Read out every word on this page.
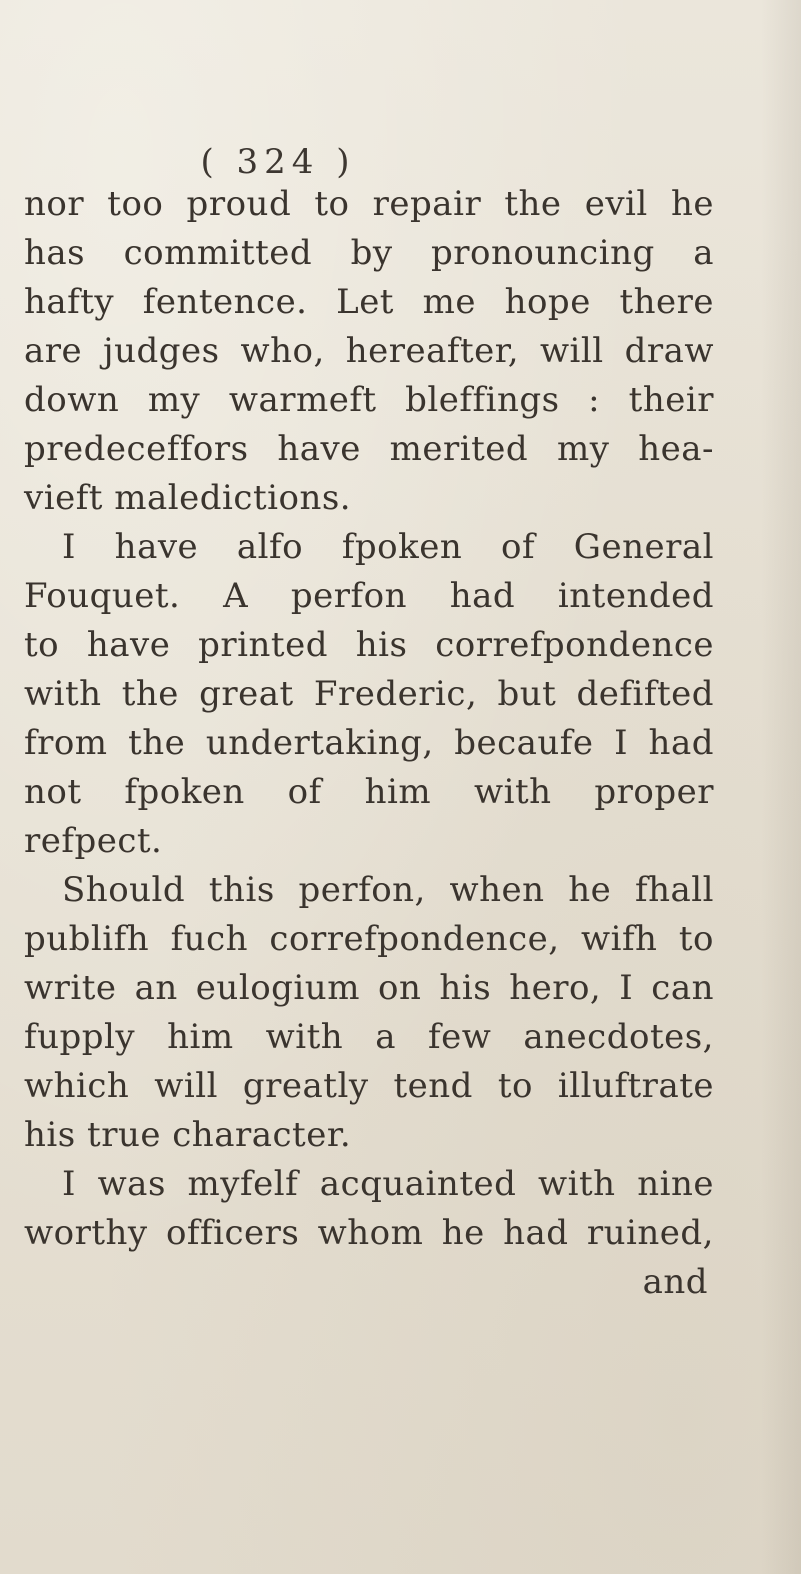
( 324 )
nor too proud to repair the evil he
has committed by pronouncing a
hafty fentence. Let me hope there
are judges who, hereafter, will draw
down my warmeft bleffings : their
predeceffors have merited my hea-
vieft maledictions.
I have alfo fpoken of General
Fouquet. A perfon had intended
to have printed his correfpondence
with the great Frederic, but defifted
from the undertaking, becaufe I had
not fpoken of him with proper
refpect.
Should this perfon, when he fhall
publifh fuch correfpondence, wifh to
write an eulogium on his hero, I can
fupply him with a few anecdotes,
which will greatly tend to illuftrate
his true character.
I was myfelf acquainted with nine
worthy officers whom he had ruined,
and
